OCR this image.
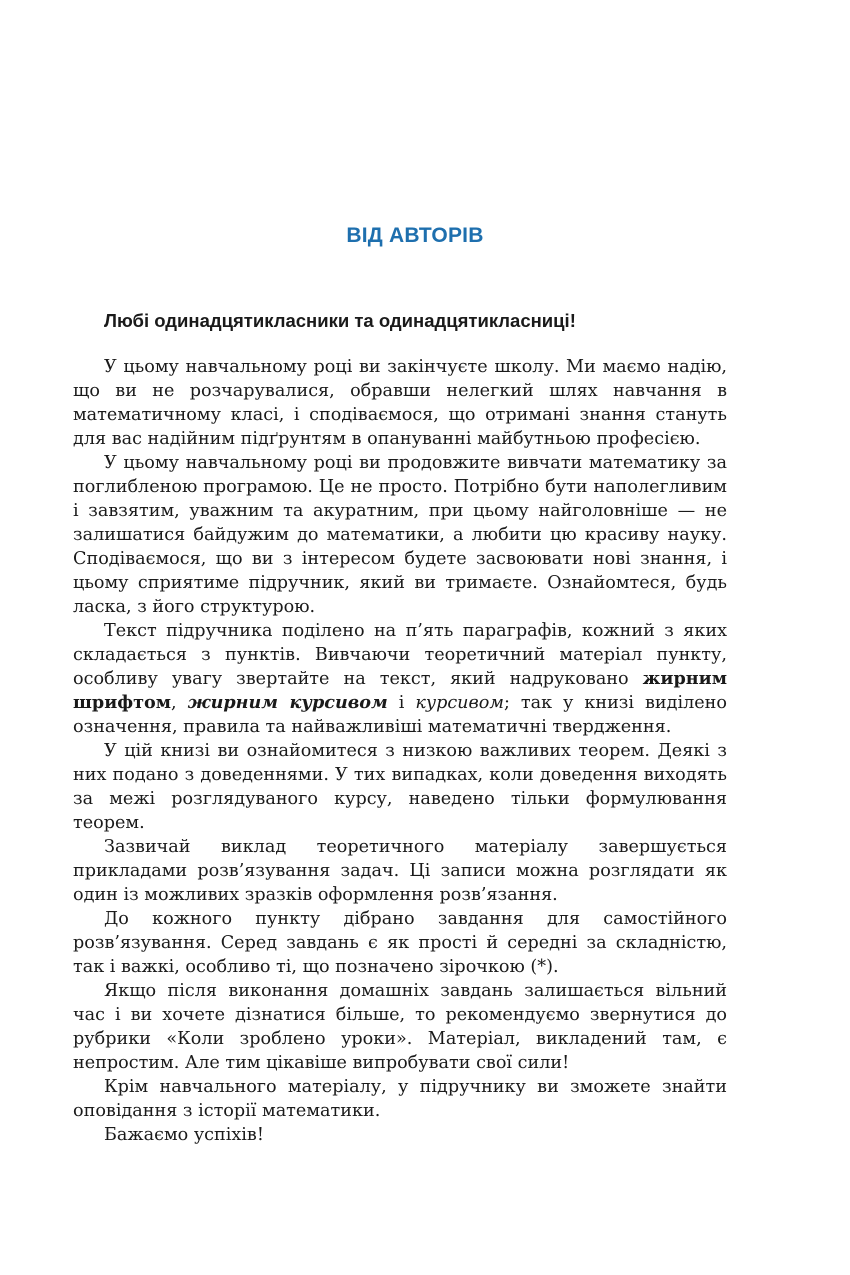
ВІД АВТОРІВ
Любі одинадцятикласники та одинадцятикласниці!

У цьому навчальному році ви закінчуєте школу. Ми маємо надію, що ви не розчарувалися, обравши нелегкий шлях навчання в математичному класі, і сподіваємося, що отримані знання стануть для вас надійним підґрунтям в опануванні майбутньою професією.

У цьому навчальному році ви продовжите вивчати математику за поглибленою програмою. Це не просто. Потрібно бути наполегливим і завзятим, уважним та акуратним, при цьому найголовніше — не залишатися байдужим до математики, а любити цю красиву науку. Сподіваємося, що ви з інтересом будете засвоювати нові знання, і цьому сприятиме підручник, який ви тримаєте. Ознайомтеся, будь ласка, з його структурою.

Текст підручника поділено на п’ять параграфів, кожний з яких складається з пунктів. Вивчаючи теоретичний матеріал пункту, особливу увагу звертайте на текст, який надруковано жирним шрифтом, жирним курсивом і курсивом; так у книзі виділено означення, правила та найважливіші математичні твердження.

У цій книзі ви ознайомитеся з низкою важливих теорем. Деякі з них подано з доведеннями. У тих випадках, коли доведення виходять за межі розглядуваного курсу, наведено тільки формулювання теорем.

Зазвичай виклад теоретичного матеріалу завершується прикладами розв’язування задач. Ці записи можна розглядати як один із можливих зразків оформлення розв’язання.

До кожного пункту дібрано завдання для самостійного розв’язування. Серед завдань є як прості й середні за складністю, так і важкі, особливо ті, що позначено зірочкою (*).

Якщо після виконання домашніх завдань залишається вільний час і ви хочете дізнатися більше, то рекомендуємо звернутися до рубрики «Коли зроблено уроки». Матеріал, викладений там, є непростим. Але тим цікавіше випробувати свої сили!

Крім навчального матеріалу, у підручнику ви зможете знайти оповідання з історії математики.

Бажаємо успіхів!
